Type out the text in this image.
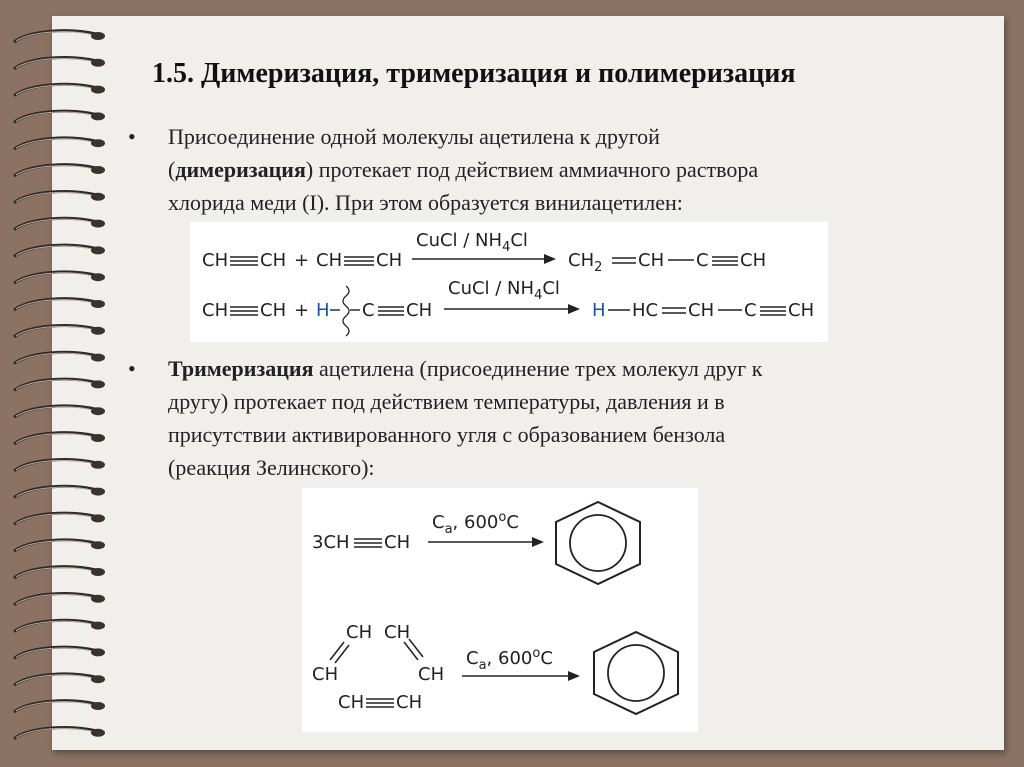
1.5. Димеризация, тримеризация и полимеризация
• Присоединение одной молекулы ацетилена к другой
(димеризация) протекает под действием аммиачного раствора
хлорида меди (I). При этом образуется винилацетилен:
CH CH + CH CH
CuCl / $NH_4Cl$
$CH_2$ CH C CH
CH CH + H C CH
CuCl / $NH_4Cl$
H HC CH C CH
• Тримеризация ацетилена (присоединение трех молекул друг к
другу) протекает под действием температуры, давления и в
присутствии активированного угля с образованием бензола
(реакция Зелинского):
3CH CH
$C_a$, 600$^o$C
CH CH
CH	CH
CH CH
$C_a$, 600$^o$C
